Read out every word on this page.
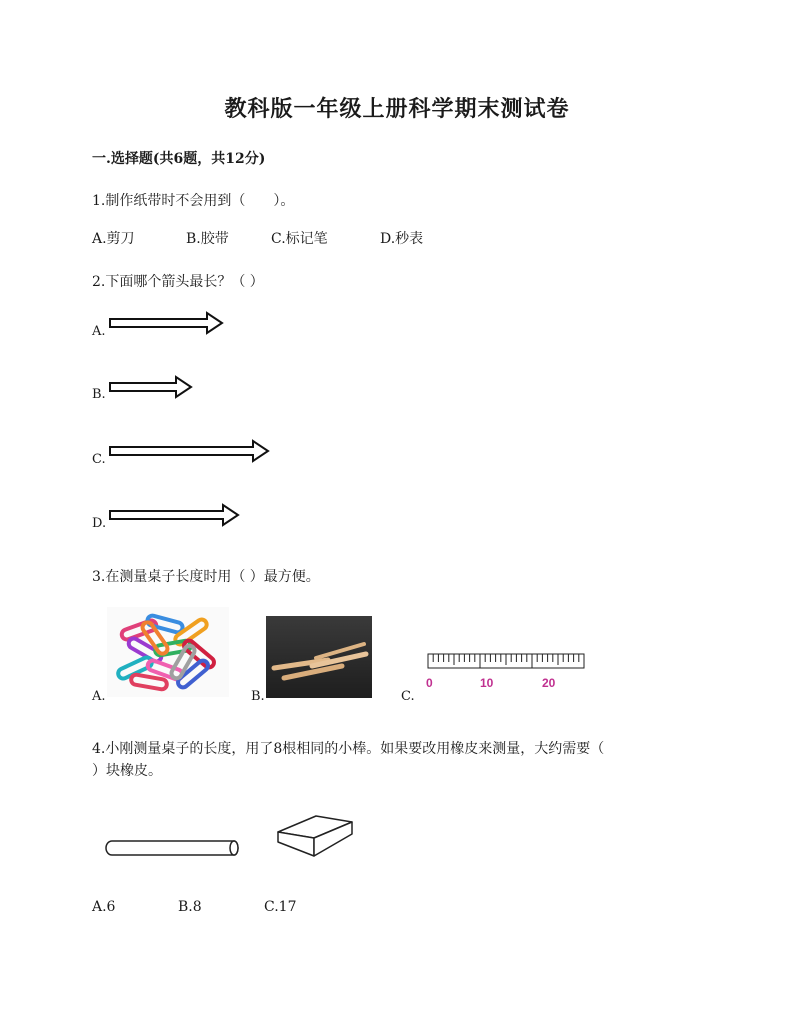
教科版一年级上册科学期末测试卷
一.选择题(共6题，共12分)
1.制作纸带时不会用到（　　）。
A.剪刀	B.胶带	C.标记笔	D.秒表
2.下面哪个箭头最长？（ ）
A.
B.
C.
D.
3.在测量桌子长度时用（ ）最方便。
A.	B.	C.
0	10	20
4.小刚测量桌子的长度，用了8根相同的小棒。如果要改用橡皮来测量，大约需要（
）块橡皮。
A.6	B.8	C.17
